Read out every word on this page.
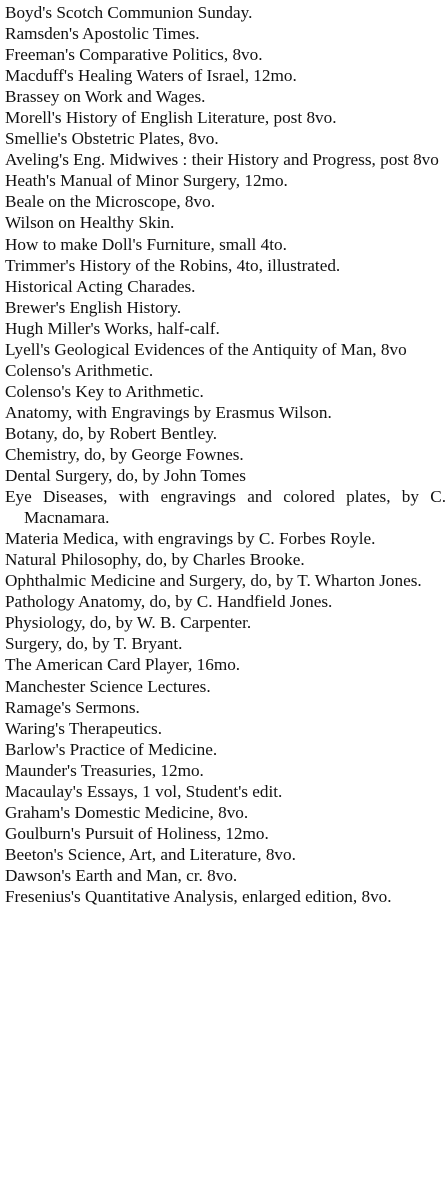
Boyd's Scotch Communion Sunday.
Ramsden's Apostolic Times.
Freeman's Comparative Politics, 8vo.
Macduff's Healing Waters of Israel, 12mo.
Brassey on Work and Wages.
Morell's History of English Literature, post 8vo.
Smellie's Obstetric Plates, 8vo.
Aveling's Eng. Midwives : their History and Progress, post 8vo
Heath's Manual of Minor Surgery, 12mo.
Beale on the Microscope, 8vo.
Wilson on Healthy Skin.
How to make Doll's Furniture, small 4to.
Trimmer's History of the Robins, 4to, illustrated.
Historical Acting Charades.
Brewer's English History.
Hugh Miller's Works, half-calf.
Lyell's Geological Evidences of the Antiquity of Man, 8vo
Colenso's Arithmetic.
Colenso's Key to Arithmetic.
Anatomy, with Engravings by Erasmus Wilson.
Botany, do, by Robert Bentley.
Chemistry, do, by George Fownes.
Dental Surgery, do, by John Tomes
Eye Diseases, with engravings and colored plates, by C. Macnamara.
Materia Medica, with engravings by C. Forbes Royle.
Natural Philosophy, do, by Charles Brooke.
Ophthalmic Medicine and Surgery, do, by T. Wharton Jones.
Pathology Anatomy, do, by C. Handfield Jones.
Physiology, do, by W. B. Carpenter.
Surgery, do, by T. Bryant.
The American Card Player, 16mo.
Manchester Science Lectures.
Ramage's Sermons.
Waring's Therapeutics.
Barlow's Practice of Medicine.
Maunder's Treasuries, 12mo.
Macaulay's Essays, 1 vol, Student's edit.
Graham's Domestic Medicine, 8vo.
Goulburn's Pursuit of Holiness, 12mo.
Beeton's Science, Art, and Literature, 8vo.
Dawson's Earth and Man, cr. 8vo.
Fresenius's Quantitative Analysis, enlarged edition, 8vo.
